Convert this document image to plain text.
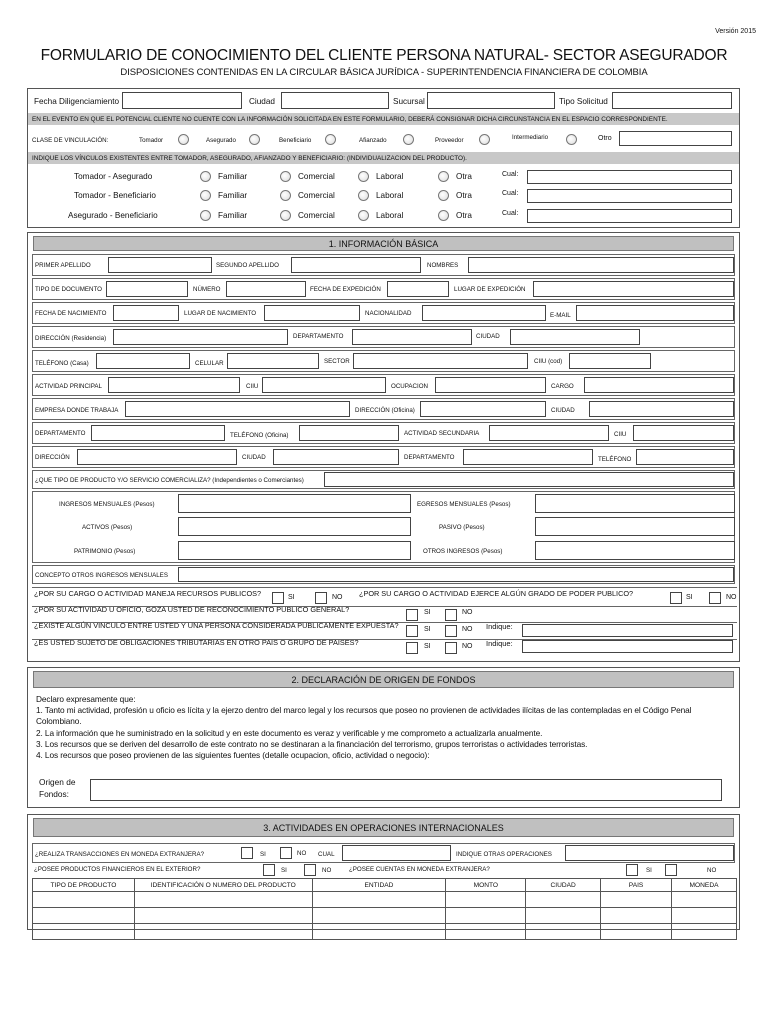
Versión 2015
FORMULARIO DE CONOCIMIENTO DEL CLIENTE PERSONA NATURAL- SECTOR ASEGURADOR
DISPOSICIONES CONTENIDAS EN LA CIRCULAR BÁSICA JURÍDICA - SUPERINTENDENCIA FINANCIERA DE COLOMBIA
Fecha Diligenciamiento	Ciudad	Sucursal	Tipo Solicitud
EN EL EVENTO EN QUE EL POTENCIAL CLIENTE NO CUENTE CON LA INFORMACIÓN SOLICITADA EN ESTE FORMULARIO, DEBERÁ CONSIGNAR DICHA CIRCUNSTANCIA EN EL ESPACIO CORRESPONDIENTE.
CLASE DE VINCULACIÓN:	Tomador	Asegurado	Beneficiario	Afianzado	Proveedor	Intermediario	Otro
INDIQUE LOS VÍNCULOS EXISTENTES ENTRE TOMADOR, ASEGURADO, AFIANZADO Y BENEFICIARIO: (INDIVIDUALIZACION DEL PRODUCTO).
Tomador - Asegurado	Familiar	Comercial	Laboral	Otra	Cual:
Tomador - Beneficiario	Familiar	Comercial	Laboral	Otra	Cual:
Asegurado - Beneficiario	Familiar	Comercial	Laboral	Otra	Cual:
1. INFORMACIÓN BÁSICA
PRIMER APELLIDO	SEGUNDO APELLIDO	NOMBRES
TIPO DE DOCUMENTO	NÚMERO	FECHA DE EXPEDICIÓN	LUGAR DE EXPEDICIÓN
FECHA DE NACIMIENTO	LUGAR DE NACIMIENTO	NACIONALIDAD	E-MAIL
DIRECCIÓN (Residencia)	DEPARTAMENTO	CIUDAD
TELÉFONO (Casa)	CELULAR	SECTOR	CIIU (cod)
ACTIVIDAD PRINCIPAL	CIIU	OCUPACION	CARGO
EMPRESA DONDE TRABAJA	DIRECCIÓN (Oficina)	CIUDAD
DEPARTAMENTO	TELÉFONO (Oficina)	ACTIVIDAD SECUNDARIA	CIIU
DIRECCIÓN	CIUDAD	DEPARTAMENTO	TELÉFONO
¿QUE TIPO DE PRODUCTO Y/O SERVICIO COMERCIALIZA? (Independientes o Comerciantes)
INGRESOS MENSUALES (Pesos)	EGRESOS MENSUALES (Pesos)
ACTIVOS (Pesos)	PASIVO (Pesos)
PATRIMONIO (Pesos)	OTROS INGRESOS (Pesos)
CONCEPTO OTROS INGRESOS MENSUALES
¿POR SU CARGO O ACTIVIDAD MANEJA RECURSOS PUBLICOS?	SI	NO ¿POR SU CARGO O ACTIVIDAD EJERCE ALGÚN GRADO DE PODER PUBLICO?	SI	NO
¿POR SU ACTIVIDAD U OFICIO, GOZA USTED DE RECONOCIMIENTO PUBLICO GENERAL?	SI	NO
¿EXISTE ALGÚN VINCULO ENTRE USTED Y UNA PERSONA CONSIDERADA PUBLICAMENTE EXPUESTA?	SI	NO Indique:
¿ES USTED SUJETO DE OBLIGACIONES TRIBUTARIAS EN OTRO PAIS O GRUPO DE PAISES?	SI	NO Indique:
2. DECLARACIÓN DE ORIGEN DE FONDOS
Declaro expresamente que:
1. Tanto mi actividad, profesión u oficio es lícita y la ejerzo dentro del marco legal y los recursos que poseo no provienen de actividades ilícitas de las contempladas en el Código Penal Colombiano.
2. La información que he suministrado en la solicitud y en este documento es veraz y verificable y me comprometo a actualizarla anualmente.
3. Los recursos que se deriven del desarrollo de este contrato no se destinaran a la financiación del terrorismo, grupos terroristas o actividades terroristas.
4. Los recursos que poseo provienen de las siguientes fuentes (detalle ocupacion, oficio, actividad o negocio):
Origen de
Fondos:
3. ACTIVIDADES EN OPERACIONES INTERNACIONALES
¿REALIZA TRANSACCIONES EN MONEDA EXTRANJERA?	SI	NO CUAL	INDIQUE OTRAS OPERACIONES
¿POSEE PRODUCTOS FINANCIEROS EN EL EXTERIOR?	SI	NO	¿POSEE CUENTAS EN MONEDA EXTRANJERA?	SI	NO
TIPO DE PRODUCTO	IDENTIFICACIÓN O NUMERO DEL PRODUCTO	ENTIDAD	MONTO	CIUDAD	PAIS	MONEDA
